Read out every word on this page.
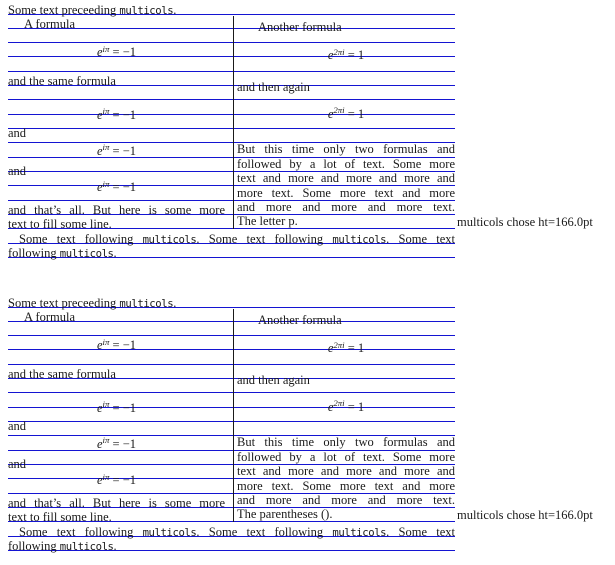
Some text preceeding multicols.
A formula
$e^{i\pi} = -1$
and the same formula
$e^{i\pi} = -1$
and
$e^{i\pi} = -1$
and
$e^{i\pi} = -1$
and that’s all. But here is some more
text to fill some line.
Another formula
$e^{2\pi i} = 1$
and then again
$e^{2\pi i} = 1$
But this time only two formulas and
followed by a lot of text. Some more
text and more and more and more and
more text. Some more text and more
and more and more and more text.
The letter p.	multicols chose ht=166.0pt
Some text following multicols. Some text following multicols. Some text
following multicols.
Some text preceeding multicols.
A formula
$e^{i\pi} = -1$
and the same formula
$e^{i\pi} = -1$
and
$e^{i\pi} = -1$
and
$e^{i\pi} = -1$
and that’s all. But here is some more
text to fill some line.
Another formula
$e^{2\pi i} = 1$
and then again
$e^{2\pi i} = 1$
But this time only two formulas and
followed by a lot of text. Some more
text and more and more and more and
more text. Some more text and more
and more and more and more text.
The parentheses ().	multicols chose ht=166.0pt
Some text following multicols. Some text following multicols. Some text
following multicols.
